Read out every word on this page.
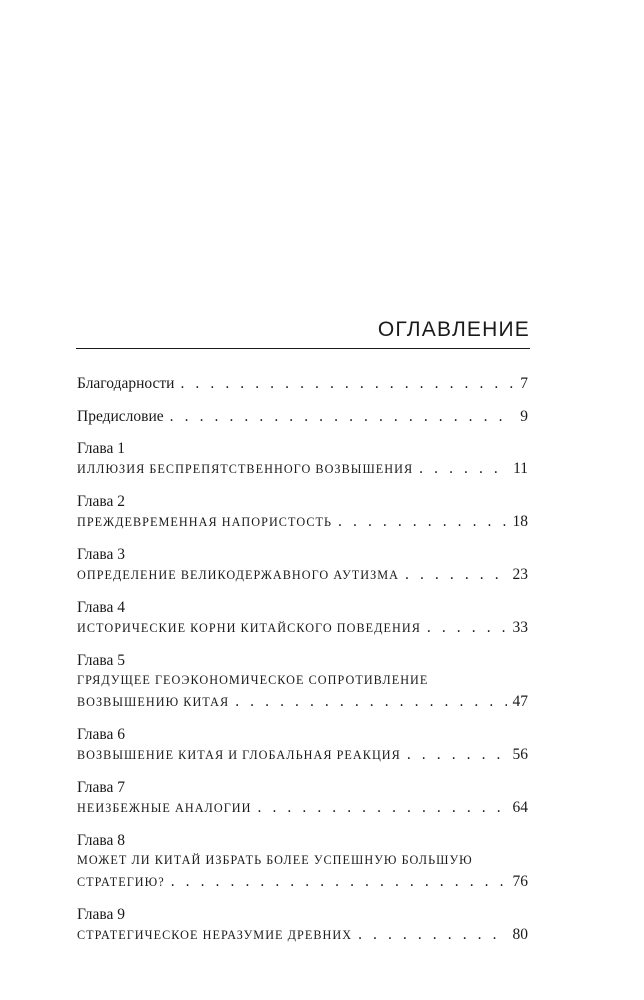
ОГЛАВЛЕНИЕ
Благодарности . . .	7
Предисловие . . .	9
Глава 1
ИЛЛЮЗИЯ БЕСПРЕПЯТСТВЕННОГО ВОЗВЫШЕНИЯ . . .	11
Глава 2
ПРЕЖДЕВРЕМЕННАЯ НАПОРИСТОСТЬ . . .	18
Глава 3
ОПРЕДЕЛЕНИЕ ВЕЛИКОДЕРЖАВНОГО АУТИЗМА . . .	23
Глава 4
ИСТОРИЧЕСКИЕ КОРНИ КИТАЙСКОГО ПОВЕДЕНИЯ . . .	33
Глава 5
ГРЯДУЩЕЕ ГЕОЭКОНОМИЧЕСКОЕ СОПРОТИВЛЕНИЕ
ВОЗВЫШЕНИЮ КИТАЯ . . .	47
Глава 6
ВОЗВЫШЕНИЕ КИТАЯ И ГЛОБАЛЬНАЯ РЕАКЦИЯ . . .	56
Глава 7
НЕИЗБЕЖНЫЕ АНАЛОГИИ . . .	64
Глава 8
МОЖЕТ ЛИ КИТАЙ ИЗБРАТЬ БОЛЕЕ УСПЕШНУЮ БОЛЬШУЮ
СТРАТЕГИЮ? . . .	76
Глава 9
СТРАТЕГИЧЕСКОЕ НЕРАЗУМИЕ ДРЕВНИХ . . .	80
